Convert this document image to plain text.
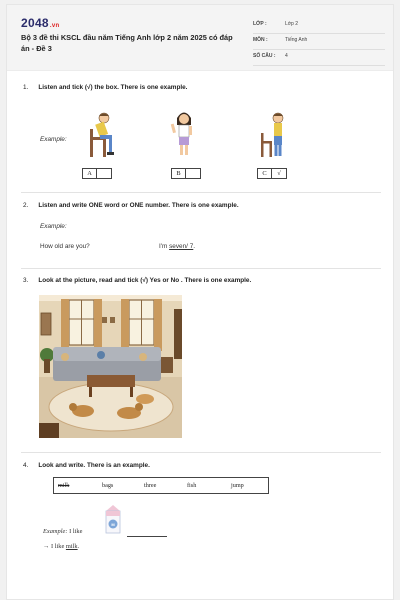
2048.vn
Bộ 3 đề thi KSCL đầu năm Tiếng Anh lớp 2 năm 2025 có đáp án - Đề 3
LỚP :	Lớp 2
MÔN :	Tiếng Anh
SỐ CÂU : 4
1. Listen and tick (√) the box. There is one example.
Example:
A	B	C	√
2. Listen and write ONE word or ONE number. There is one example.
Example:
How old are you?	I'm seven/ 7.
3. Look at the picture, read and tick (√) Yes or No . There is one example.
4. Look and write. There is an example.
milk	bags	three	fish	jump
M
Example: I like
→ I like milk.
